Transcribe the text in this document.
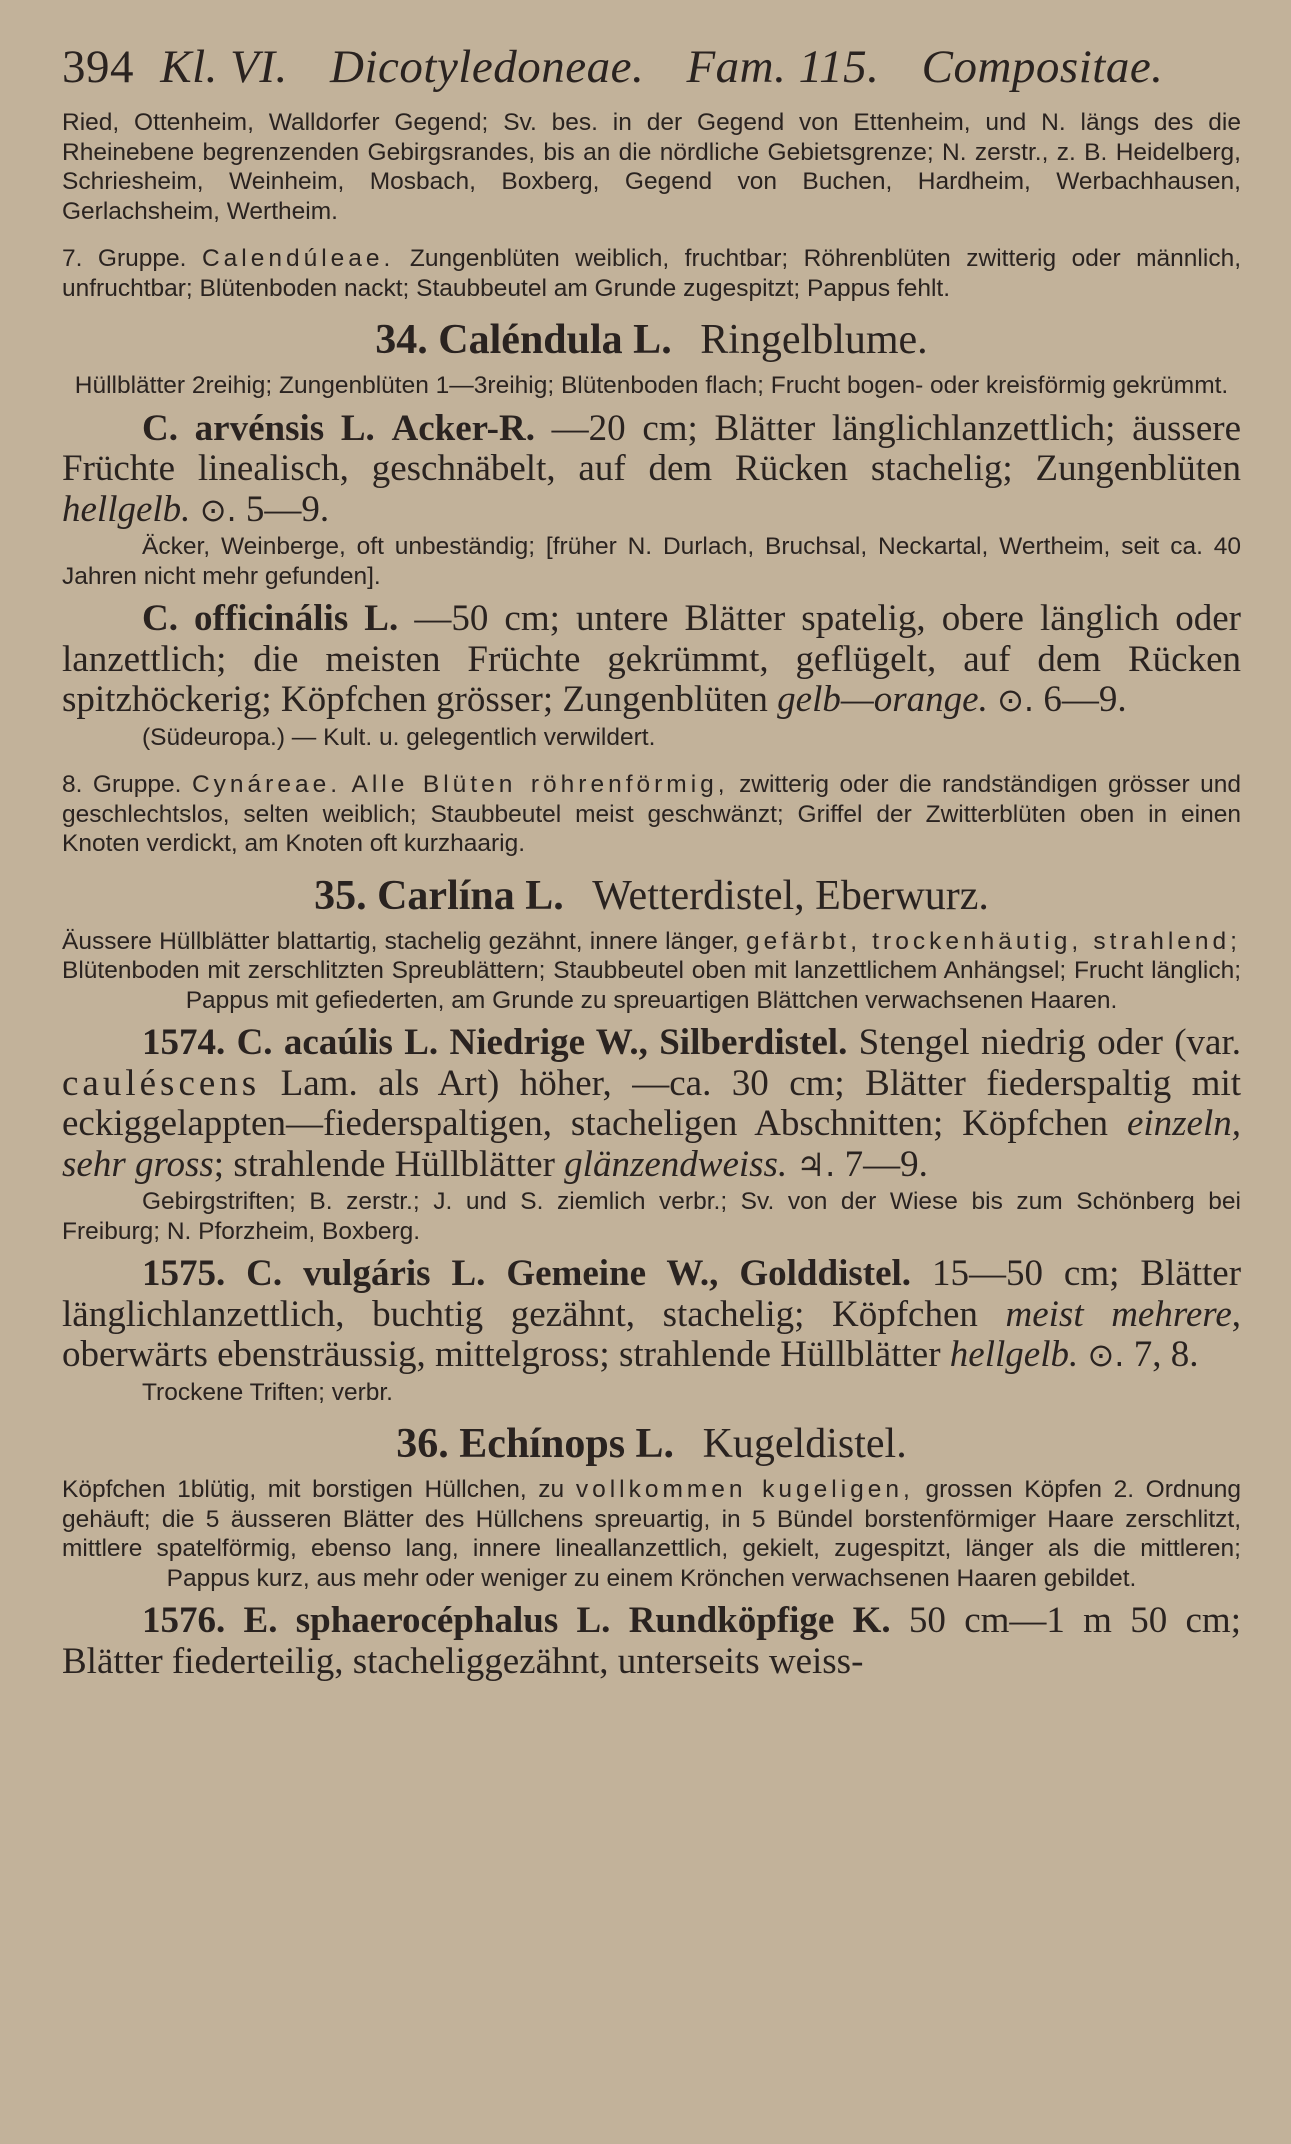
394 Kl. VI. Dicotyledoneae. Fam. 115. Compositae.

Ried, Ottenheim, Walldorfer Gegend; Sv. bes. in der Gegend von Ettenheim, und N. längs des die Rheinebene begrenzenden Gebirgsrandes, bis an die nördliche Gebietsgrenze; N. zerstr., z. B. Heidelberg, Schriesheim, Weinheim, Mosbach, Boxberg, Gegend von Buchen, Hardheim, Werbachhausen, Gerlachsheim, Wertheim.

7. Gruppe. Calendúleae. Zungenblüten weiblich, fruchtbar; Röhrenblüten zwitterig oder männlich, unfruchtbar; Blütenboden nackt; Staubbeutel am Grunde zugespitzt; Pappus fehlt.

34. Caléndula L. Ringelblume.

Hüllblätter 2reihig; Zungenblüten 1—3reihig; Blütenboden flach; Frucht bogen- oder kreisförmig gekrümmt.

C. arvénsis L. Acker-R. —20 cm; Blätter länglichlanzettlich; äussere Früchte linealisch, geschnäbelt, auf dem Rücken stachelig; Zungenblüten hellgelb. ⊙. 5—9.

Äcker, Weinberge, oft unbeständig; [früher N. Durlach, Bruchsal, Neckartal, Wertheim, seit ca. 40 Jahren nicht mehr gefunden].

C. officinális L. —50 cm; untere Blätter spatelig, obere länglich oder lanzettlich; die meisten Früchte gekrümmt, geflügelt, auf dem Rücken spitzhöckerig; Köpfchen grösser; Zungenblüten gelb—orange. ⊙. 6—9.

(Südeuropa.) — Kult. u. gelegentlich verwildert.

8. Gruppe. Cynáreae. Alle Blüten röhrenförmig, zwitterig oder die randständigen grösser und geschlechtslos, selten weiblich; Staubbeutel meist geschwänzt; Griffel der Zwitterblüten oben in einen Knoten verdickt, am Knoten oft kurzhaarig.

35. Carlína L. Wetterdistel, Eberwurz.

Äussere Hüllblätter blattartig, stachelig gezähnt, innere länger, gefärbt, trockenhäutig, strahlend; Blütenboden mit zerschlitzten Spreublättern; Staubbeutel oben mit lanzettlichem Anhängsel; Frucht länglich; Pappus mit gefiederten, am Grunde zu spreuartigen Blättchen verwachsenen Haaren.

1574. C. acaúlis L. Niedrige W., Silberdistel. Stengel niedrig oder (var. cauléscens Lam. als Art) höher, —ca. 30 cm; Blätter fiederspaltig mit eckiggelappten—fiederspaltigen, stacheligen Abschnitten; Köpfchen einzeln, sehr gross; strahlende Hüllblätter glänzendweiss. ♃. 7—9.

Gebirgstriften; B. zerstr.; J. und S. ziemlich verbr.; Sv. von der Wiese bis zum Schönberg bei Freiburg; N. Pforzheim, Boxberg.

1575. C. vulgáris L. Gemeine W., Golddistel. 15—50 cm; Blätter länglichlanzettlich, buchtig gezähnt, stachelig; Köpfchen meist mehrere, oberwärts ebensträussig, mittelgross; strahlende Hüllblätter hellgelb. ⊙. 7, 8.

Trockene Triften; verbr.

36. Echínops L. Kugeldistel.

Köpfchen 1blütig, mit borstigen Hüllchen, zu vollkommen kugeligen, grossen Köpfen 2. Ordnung gehäuft; die 5 äusseren Blätter des Hüllchens spreuartig, in 5 Bündel borstenförmiger Haare zerschlitzt, mittlere spatelförmig, ebenso lang, innere lineallanzettlich, gekielt, zugespitzt, länger als die mittleren; Pappus kurz, aus mehr oder weniger zu einem Krönchen verwachsenen Haaren gebildet.

1576. E. sphaerocéphalus L. Rundköpfige K. 50 cm—1 m 50 cm; Blätter fiederteilig, stacheliggezähnt, unterseits weiss-
